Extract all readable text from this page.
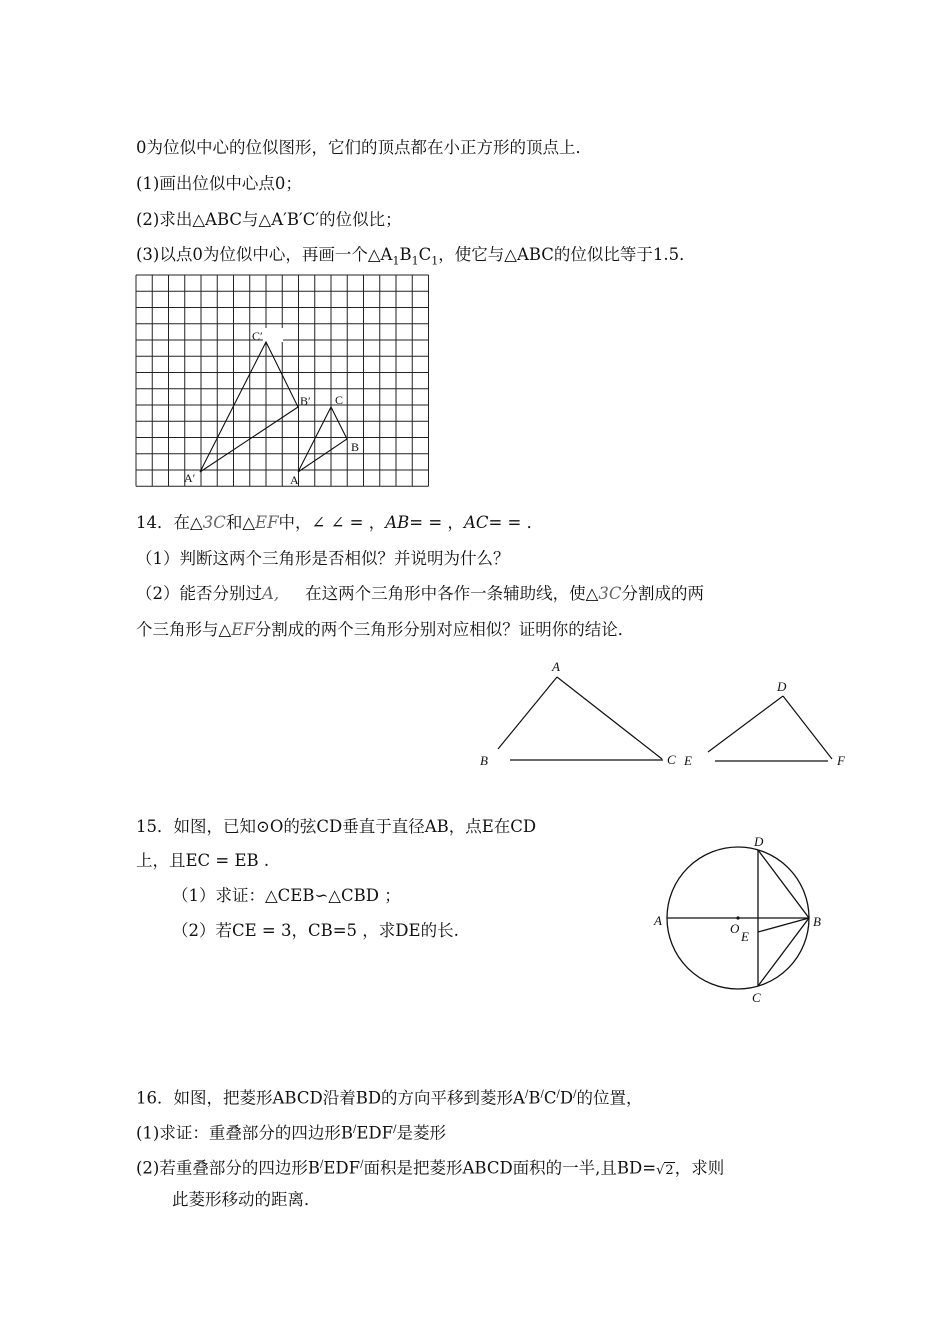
0为位似中心的位似图形，它们的顶点都在小正方形的顶点上．
(1)画出位似中心点0；
(2)求出△ABC与△A′B′C′的位似比；
(3)以点0为位似中心，再画一个$\triangle A_1B_1C_1$，使它与△ABC的位似比等于1.5．
C′
B′
A′	A
B
C
14．在△3C和△EF中，∠ ∠ = ，AB= = ，AC= = ．
（1）判断这两个三角形是否相似？并说明为什么？
（2）能否分别过A, 在这两个三角形中各作一条辅助线，使△3C分割成的两
个三角形与△EF分割成的两个三角形分别对应相似？证明你的结论．
A
B	C
D
E	F
15．如图，已知⊙O的弦CD垂直于直径AB，点E在CD
上，且EC = EB .
（1）求证：△CEB∽△CBD ；
（2）若CE = 3，CB=5 ，求DE的长.
A	B
C
D
O
E
16．如图，把菱形ABCD沿着BD的方向平移到菱形A/B/C/D/的位置，
(1)求证：重叠部分的四边形B/EDF/是菱形
(2)若重叠部分的四边形B/EDF/面积是把菱形ABCD面积的一半,且BD=√2，求则
此菱形移动的距离．
